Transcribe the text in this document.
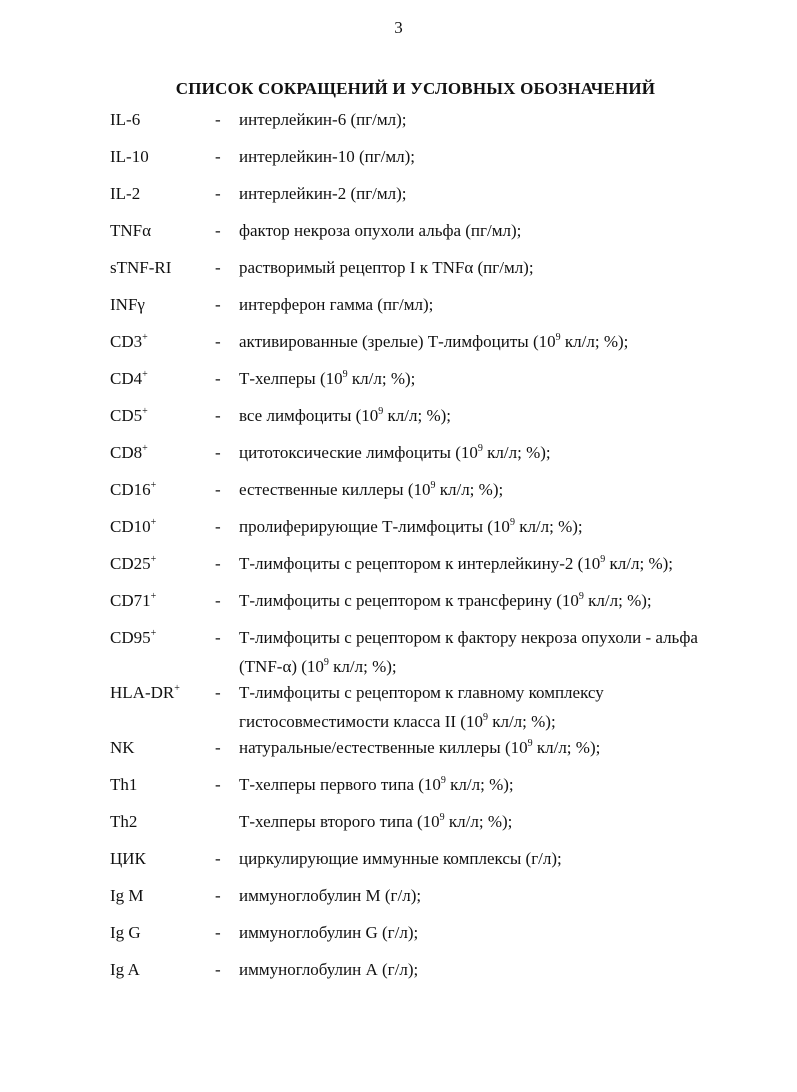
3
СПИСОК СОКРАЩЕНИЙ И УСЛОВНЫХ ОБОЗНАЧЕНИЙ
IL-6	- интерлейкин-6 (пг/мл);
IL-10	- интерлейкин-10 (пг/мл);
IL-2	- интерлейкин-2 (пг/мл);
TNFα	- фактор некроза опухоли альфа (пг/мл);
sTNF-RI	- растворимый рецептор I к TNFα (пг/мл);
INFγ	- интерферон гамма (пг/мл);
CD3+	- активированные (зрелые) Т-лимфоциты ($10^9$ кл/л; %);
CD4+	- Т-хелперы ($10^9$ кл/л; %);
CD5+	- все лимфоциты ($10^9$ кл/л; %);
CD8+	- цитотоксические лимфоциты ($10^9$ кл/л; %);
CD16+	- естественные киллеры ($10^9$ кл/л; %);
CD10+	- пролиферирующие Т-лимфоциты ($10^9$ кл/л; %);
CD25+	- Т-лимфоциты с рецептором к интерлейкину-2 ($10^9$ кл/л; %);
CD71+	- Т-лимфоциты с рецептором к трансферину ($10^9$ кл/л; %);
CD95+	- Т-лимфоциты с рецептором к фактору некроза опухоли - альфа
(TNF-α) ($10^9$ кл/л; %);
HLA-DR+ - Т-лимфоциты с рецептором к главному комплексу
гистосовместимости класса II ($10^9$ кл/л; %);
NK	- натуральные/естественные киллеры ($10^9$ кл/л; %);
Th1	- Т-хелперы первого типа ($10^9$ кл/л; %);
Th2	Т-хелперы второго типа ($10^9$ кл/л; %);
ЦИК	- циркулирующие иммунные комплексы (г/л);
Ig M	- иммуноглобулин М (г/л);
Ig G	- иммуноглобулин G (г/л);
Ig A	- иммуноглобулин А (г/л);
